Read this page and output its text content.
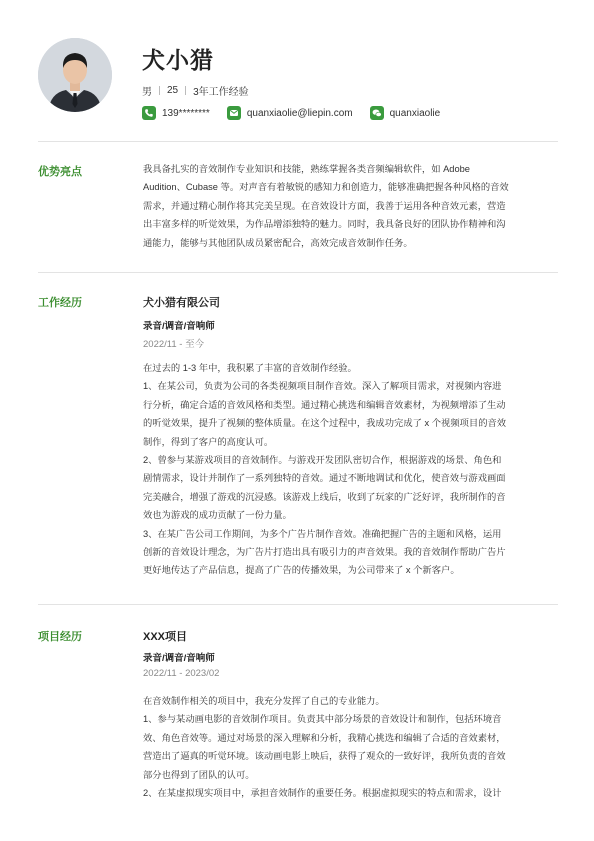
犬小猎
男 25 3年工作经验
139********	quanxiaolie@liepin.com	quanxiaolie
优势亮点	我具备扎实的音效制作专业知识和技能，熟练掌握各类音频编辑软件，如 Adobe
Audition、Cubase 等。对声音有着敏锐的感知力和创造力，能够准确把握各种风格的音效
需求，并通过精心制作将其完美呈现。在音效设计方面，我善于运用各种音效元素，营造
出丰富多样的听觉效果，为作品增添独特的魅力。同时，我具备良好的团队协作精神和沟
通能力，能够与其他团队成员紧密配合，高效完成音效制作任务。
工作经历	犬小猎有限公司
录音/调音/音响师
2022/11 - 至今
在过去的 1-3 年中，我积累了丰富的音效制作经验。
1、在某公司，负责为公司的各类视频项目制作音效。深入了解项目需求，对视频内容进
行分析，确定合适的音效风格和类型。通过精心挑选和编辑音效素材，为视频增添了生动
的听觉效果，提升了视频的整体质量。在这个过程中，我成功完成了 x 个视频项目的音效
制作，得到了客户的高度认可。
2、曾参与某游戏项目的音效制作。与游戏开发团队密切合作，根据游戏的场景、角色和
剧情需求，设计并制作了一系列独特的音效。通过不断地调试和优化，使音效与游戏画面
完美融合，增强了游戏的沉浸感。该游戏上线后，收到了玩家的广泛好评，我所制作的音
效也为游戏的成功贡献了一份力量。
3、在某广告公司工作期间，为多个广告片制作音效。准确把握广告的主题和风格，运用
创新的音效设计理念，为广告片打造出具有吸引力的声音效果。我的音效制作帮助广告片
更好地传达了产品信息，提高了广告的传播效果，为公司带来了 x 个新客户。
项目经历	XXX项目
录音/调音/音响师
2022/11 - 2023/02
在音效制作相关的项目中，我充分发挥了自己的专业能力。
1、参与某动画电影的音效制作项目。负责其中部分场景的音效设计和制作，包括环境音
效、角色音效等。通过对场景的深入理解和分析，我精心挑选和编辑了合适的音效素材，
营造出了逼真的听觉环境。该动画电影上映后，获得了观众的一致好评，我所负责的音效
部分也得到了团队的认可。
2、在某虚拟现实项目中，承担音效制作的重要任务。根据虚拟现实的特点和需求，设计
